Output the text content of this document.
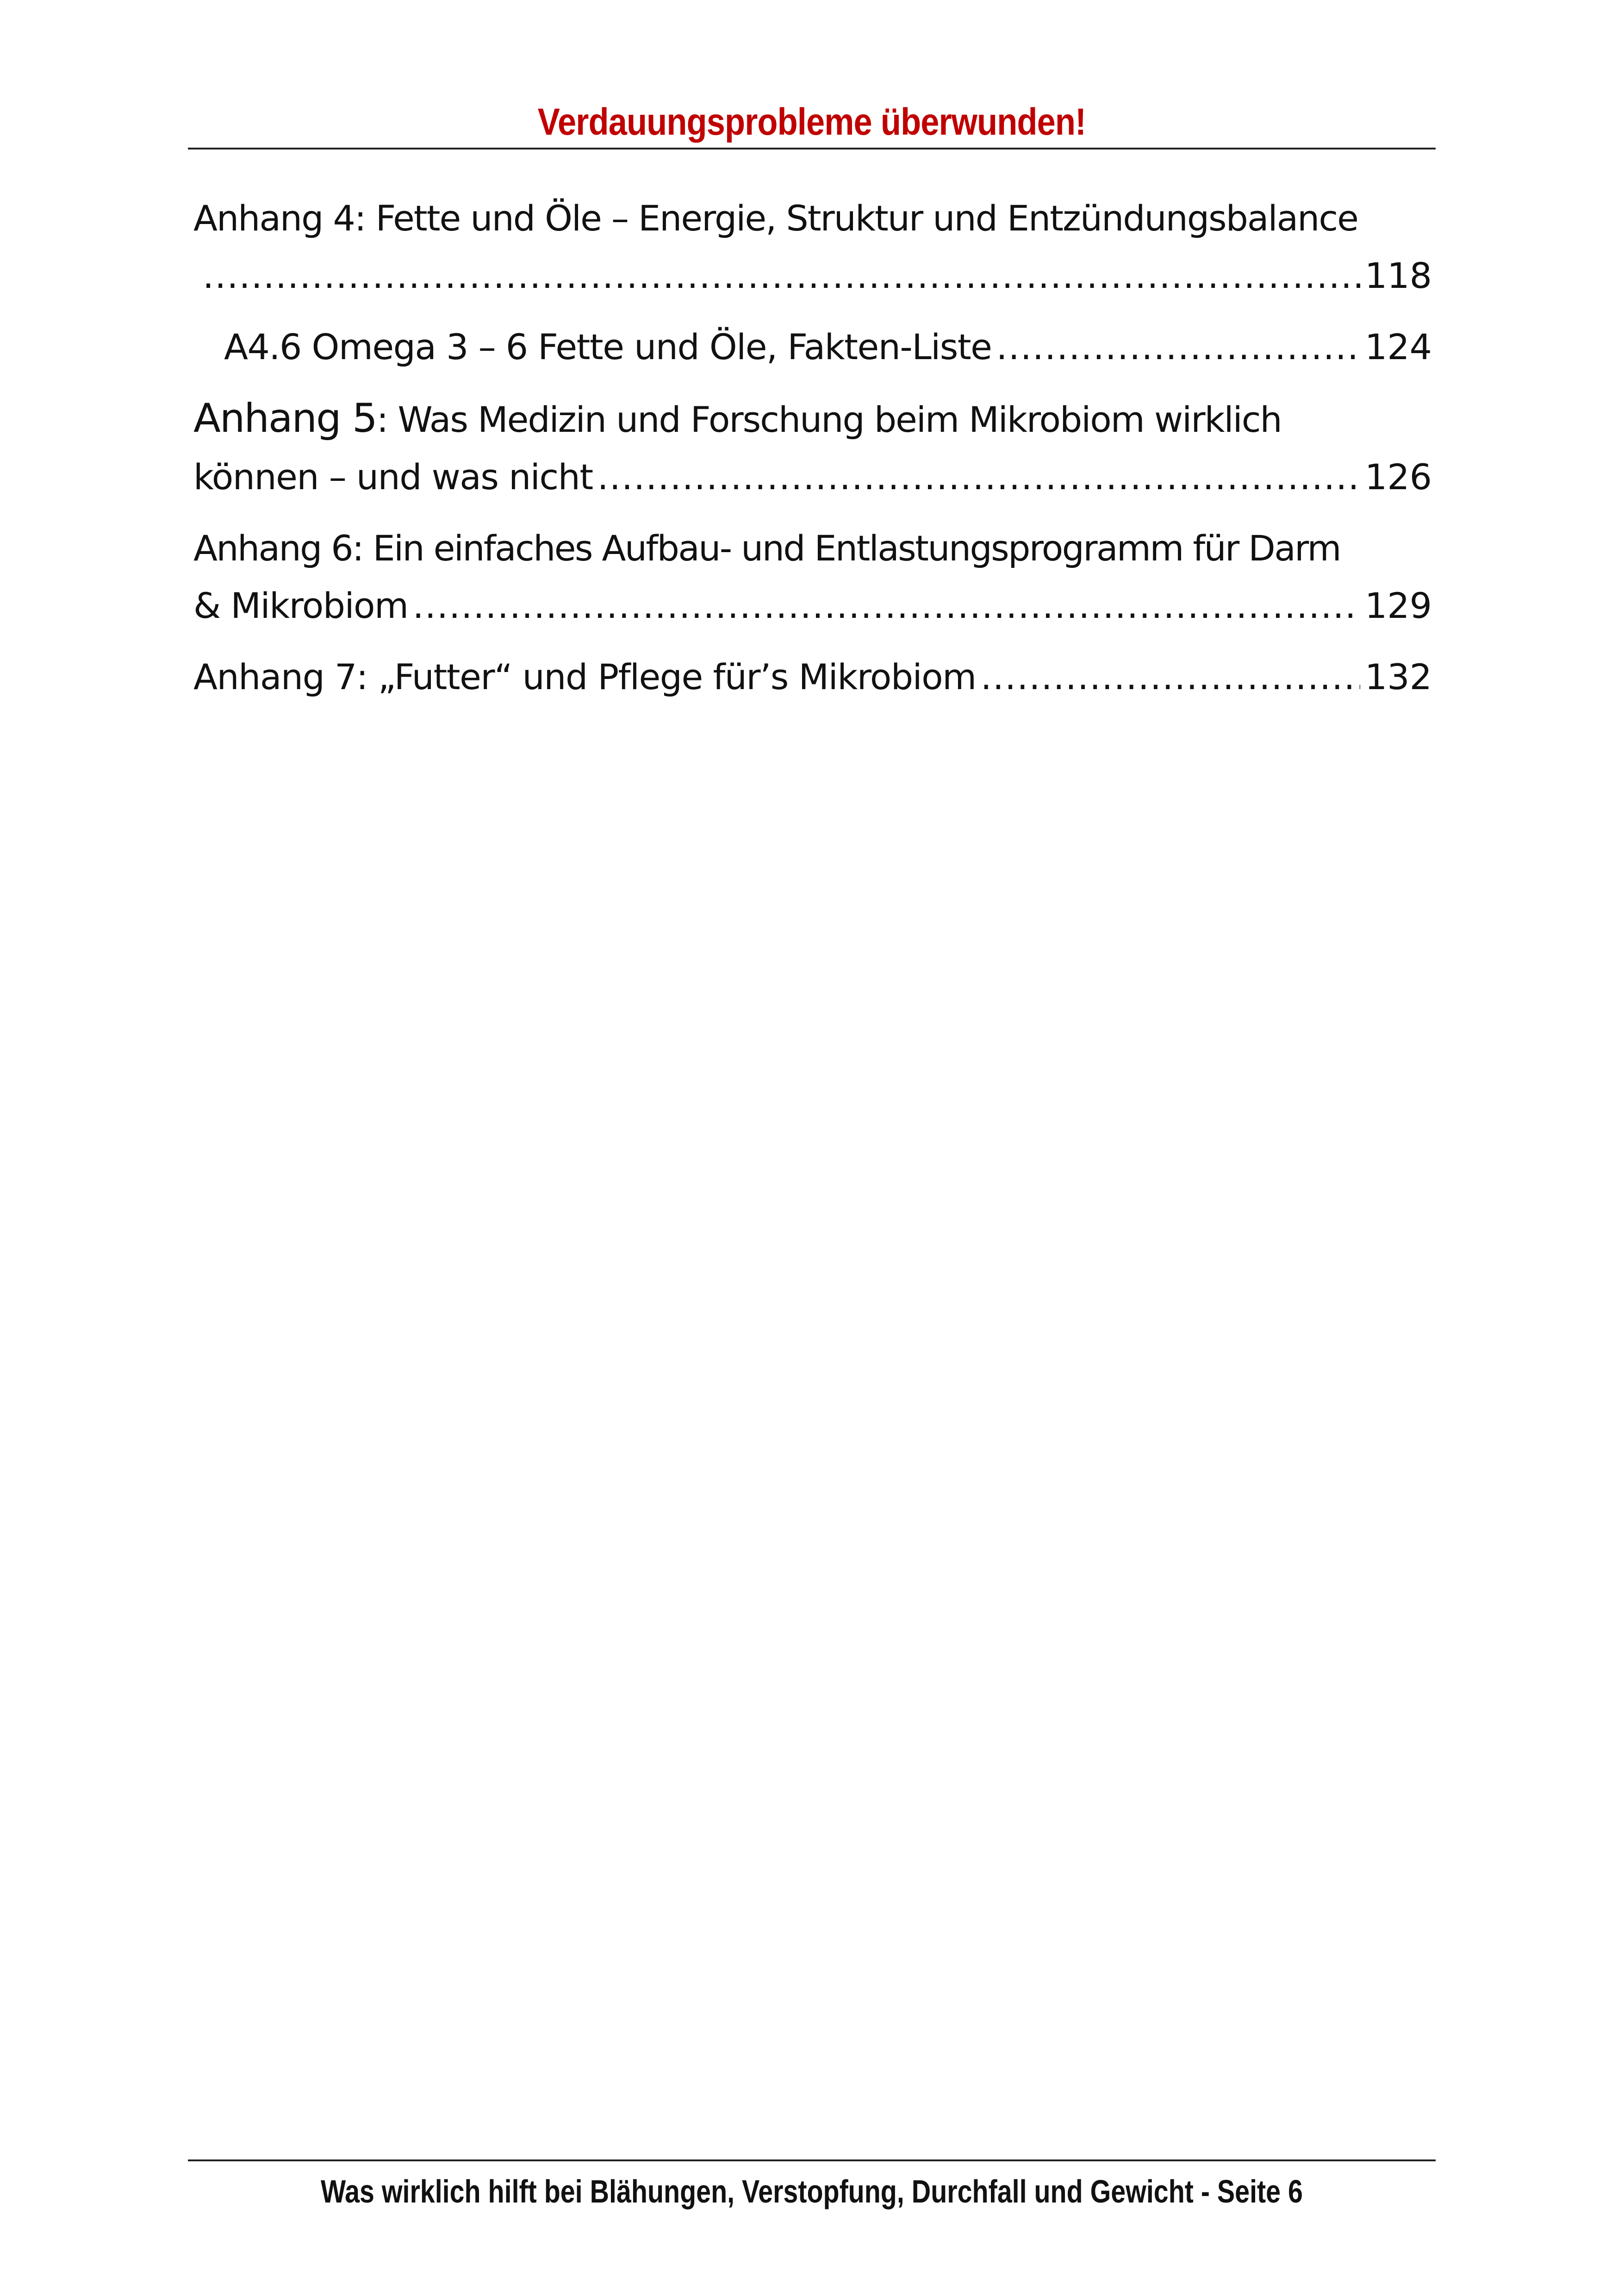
Verdauungsprobleme überwunden!
Anhang 4: Fette und Öle – Energie, Struktur und Entzündungsbalance
.....
118
A4.6 Omega 3 – 6 Fette und Öle, Fakten-Liste .....	124
Anhang 5: Was Medizin und Forschung beim Mikrobiom wirklich
können – und was nicht .....	126
Anhang 6: Ein einfaches Aufbau- und Entlastungsprogramm für Darm
& Mikrobiom .....	129
Anhang 7: „Futter“ und Pflege für’s Mikrobiom .....	132
Was wirklich hilft bei Blähungen, Verstopfung, Durchfall und Gewicht - Seite 6
